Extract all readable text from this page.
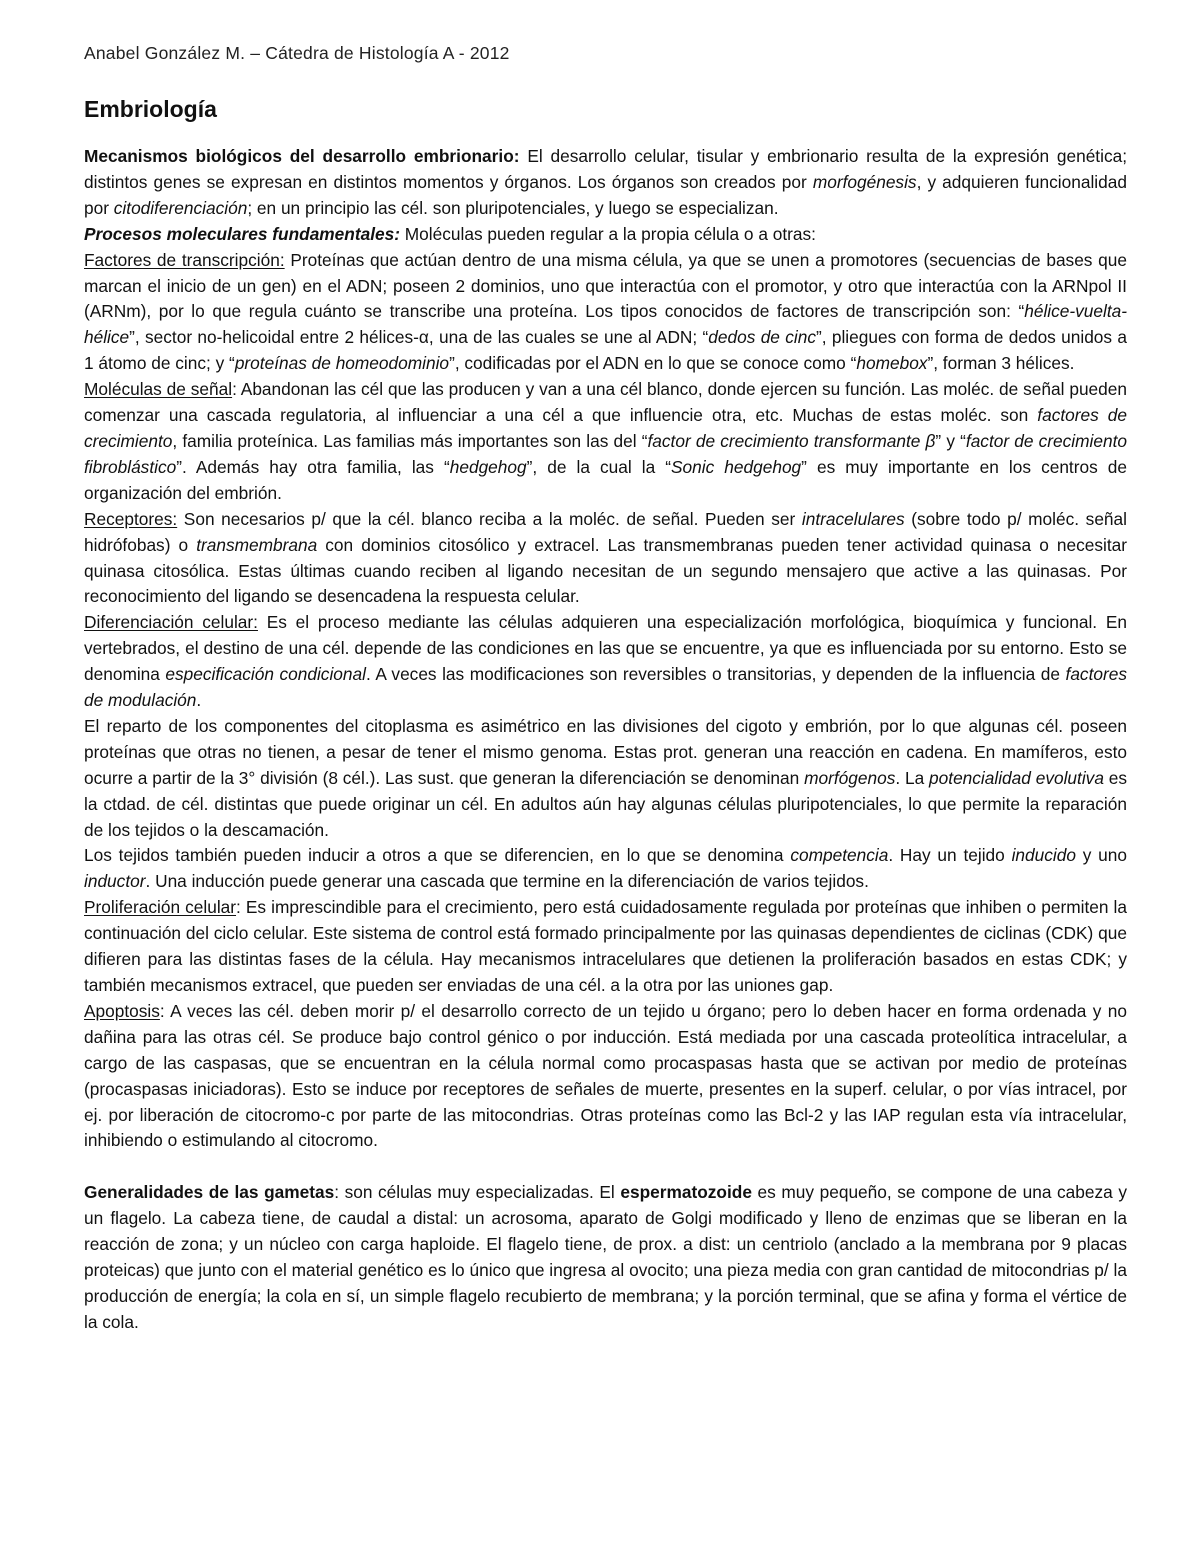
Anabel González M. – Cátedra de Histología A - 2012

Embriología

Mecanismos biológicos del desarrollo embrionario: El desarrollo celular, tisular y embrionario resulta de la expresión genética; distintos genes se expresan en distintos momentos y órganos. Los órganos son creados por morfogénesis, y adquieren funcionalidad por citodiferenciación; en un principio las cél. son pluripotenciales, y luego se especializan.

Procesos moleculares fundamentales: Moléculas pueden regular a la propia célula o a otras:

Factores de transcripción: Proteínas que actúan dentro de una misma célula, ya que se unen a promotores (secuencias de bases que marcan el inicio de un gen) en el ADN; poseen 2 dominios, uno que interactúa con el promotor, y otro que interactúa con la ARNpol II (ARNm), por lo que regula cuánto se transcribe una proteína. Los tipos conocidos de factores de transcripción son: “hélice-vuelta-hélice”, sector no-helicoidal entre 2 hélices-α, una de las cuales se une al ADN; “dedos de cinc”, pliegues con forma de dedos unidos a 1 átomo de cinc; y “proteínas de homeodominio”, codificadas por el ADN en lo que se conoce como “homebox”, forman 3 hélices.

Moléculas de señal: Abandonan las cél que las producen y van a una cél blanco, donde ejercen su función. Las moléc. de señal pueden comenzar una cascada regulatoria, al influenciar a una cél a que influencie otra, etc. Muchas de estas moléc. son factores de crecimiento, familia proteínica. Las familias más importantes son las del “factor de crecimiento transformante β” y “factor de crecimiento fibroblástico”. Además hay otra familia, las “hedgehog”, de la cual la “Sonic hedgehog” es muy importante en los centros de organización del embrión.

Receptores: Son necesarios p/ que la cél. blanco reciba a la moléc. de señal. Pueden ser intracelulares (sobre todo p/ moléc. señal hidrófobas) o transmembrana con dominios citosólico y extracel. Las transmembranas pueden tener actividad quinasa o necesitar quinasa citosólica. Estas últimas cuando reciben al ligando necesitan de un segundo mensajero que active a las quinasas. Por reconocimiento del ligando se desencadena la respuesta celular.

Diferenciación celular: Es el proceso mediante las células adquieren una especialización morfológica, bioquímica y funcional. En vertebrados, el destino de una cél. depende de las condiciones en las que se encuentre, ya que es influenciada por su entorno. Esto se denomina especificación condicional. A veces las modificaciones son reversibles o transitorias, y dependen de la influencia de factores de modulación.

El reparto de los componentes del citoplasma es asimétrico en las divisiones del cigoto y embrión, por lo que algunas cél. poseen proteínas que otras no tienen, a pesar de tener el mismo genoma. Estas prot. generan una reacción en cadena. En mamíferos, esto ocurre a partir de la 3° división (8 cél.). Las sust. que generan la diferenciación se denominan morfógenos. La potencialidad evolutiva es la ctdad. de cél. distintas que puede originar un cél. En adultos aún hay algunas células pluripotenciales, lo que permite la reparación de los tejidos o la descamación.

Los tejidos también pueden inducir a otros a que se diferencien, en lo que se denomina competencia. Hay un tejido inducido y uno inductor. Una inducción puede generar una cascada que termine en la diferenciación de varios tejidos.

Proliferación celular: Es imprescindible para el crecimiento, pero está cuidadosamente regulada por proteínas que inhiben o permiten la continuación del ciclo celular. Este sistema de control está formado principalmente por las quinasas dependientes de ciclinas (CDK) que difieren para las distintas fases de la célula. Hay mecanismos intracelulares que detienen la proliferación basados en estas CDK; y también mecanismos extracel, que pueden ser enviadas de una cél. a la otra por las uniones gap.

Apoptosis: A veces las cél. deben morir p/ el desarrollo correcto de un tejido u órgano; pero lo deben hacer en forma ordenada y no dañina para las otras cél. Se produce bajo control génico o por inducción. Está mediada por una cascada proteolítica intracelular, a cargo de las caspasas, que se encuentran en la célula normal como procaspasas hasta que se activan por medio de proteínas (procaspasas iniciadoras). Esto se induce por receptores de señales de muerte, presentes en la superf. celular, o por vías intracel, por ej. por liberación de citocromo-c por parte de las mitocondrias. Otras proteínas como las Bcl-2 y las IAP regulan esta vía intracelular, inhibiendo o estimulando al citocromo.

Generalidades de las gametas: son células muy especializadas. El espermatozoide es muy pequeño, se compone de una cabeza y un flagelo. La cabeza tiene, de caudal a distal: un acrosoma, aparato de Golgi modificado y lleno de enzimas que se liberan en la reacción de zona; y un núcleo con carga haploide. El flagelo tiene, de prox. a dist: un centriolo (anclado a la membrana por 9 placas proteicas) que junto con el material genético es lo único que ingresa al ovocito; una pieza media con gran cantidad de mitocondrias p/ la producción de energía; la cola en sí, un simple flagelo recubierto de membrana; y la porción terminal, que se afina y forma el vértice de la cola.
